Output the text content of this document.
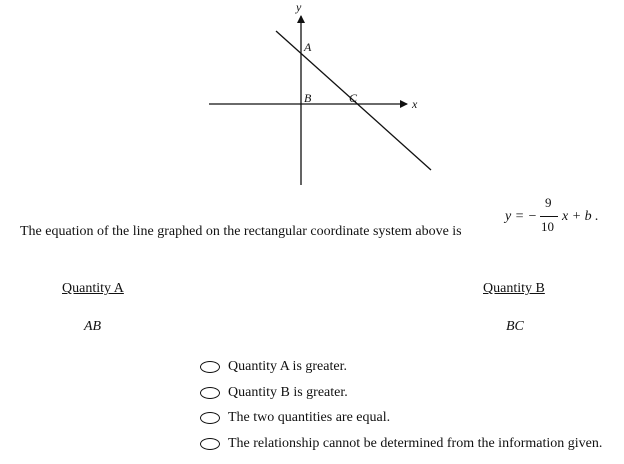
y
x
A
B	C
The equation of the line graphed on the rectangular coordinate system above is
y = −
9
10
x + b .
Quantity A	Quantity B
AB	BC
Quantity A is greater.
Quantity B is greater.
The two quantities are equal.
The relationship cannot be determined from the information given.
